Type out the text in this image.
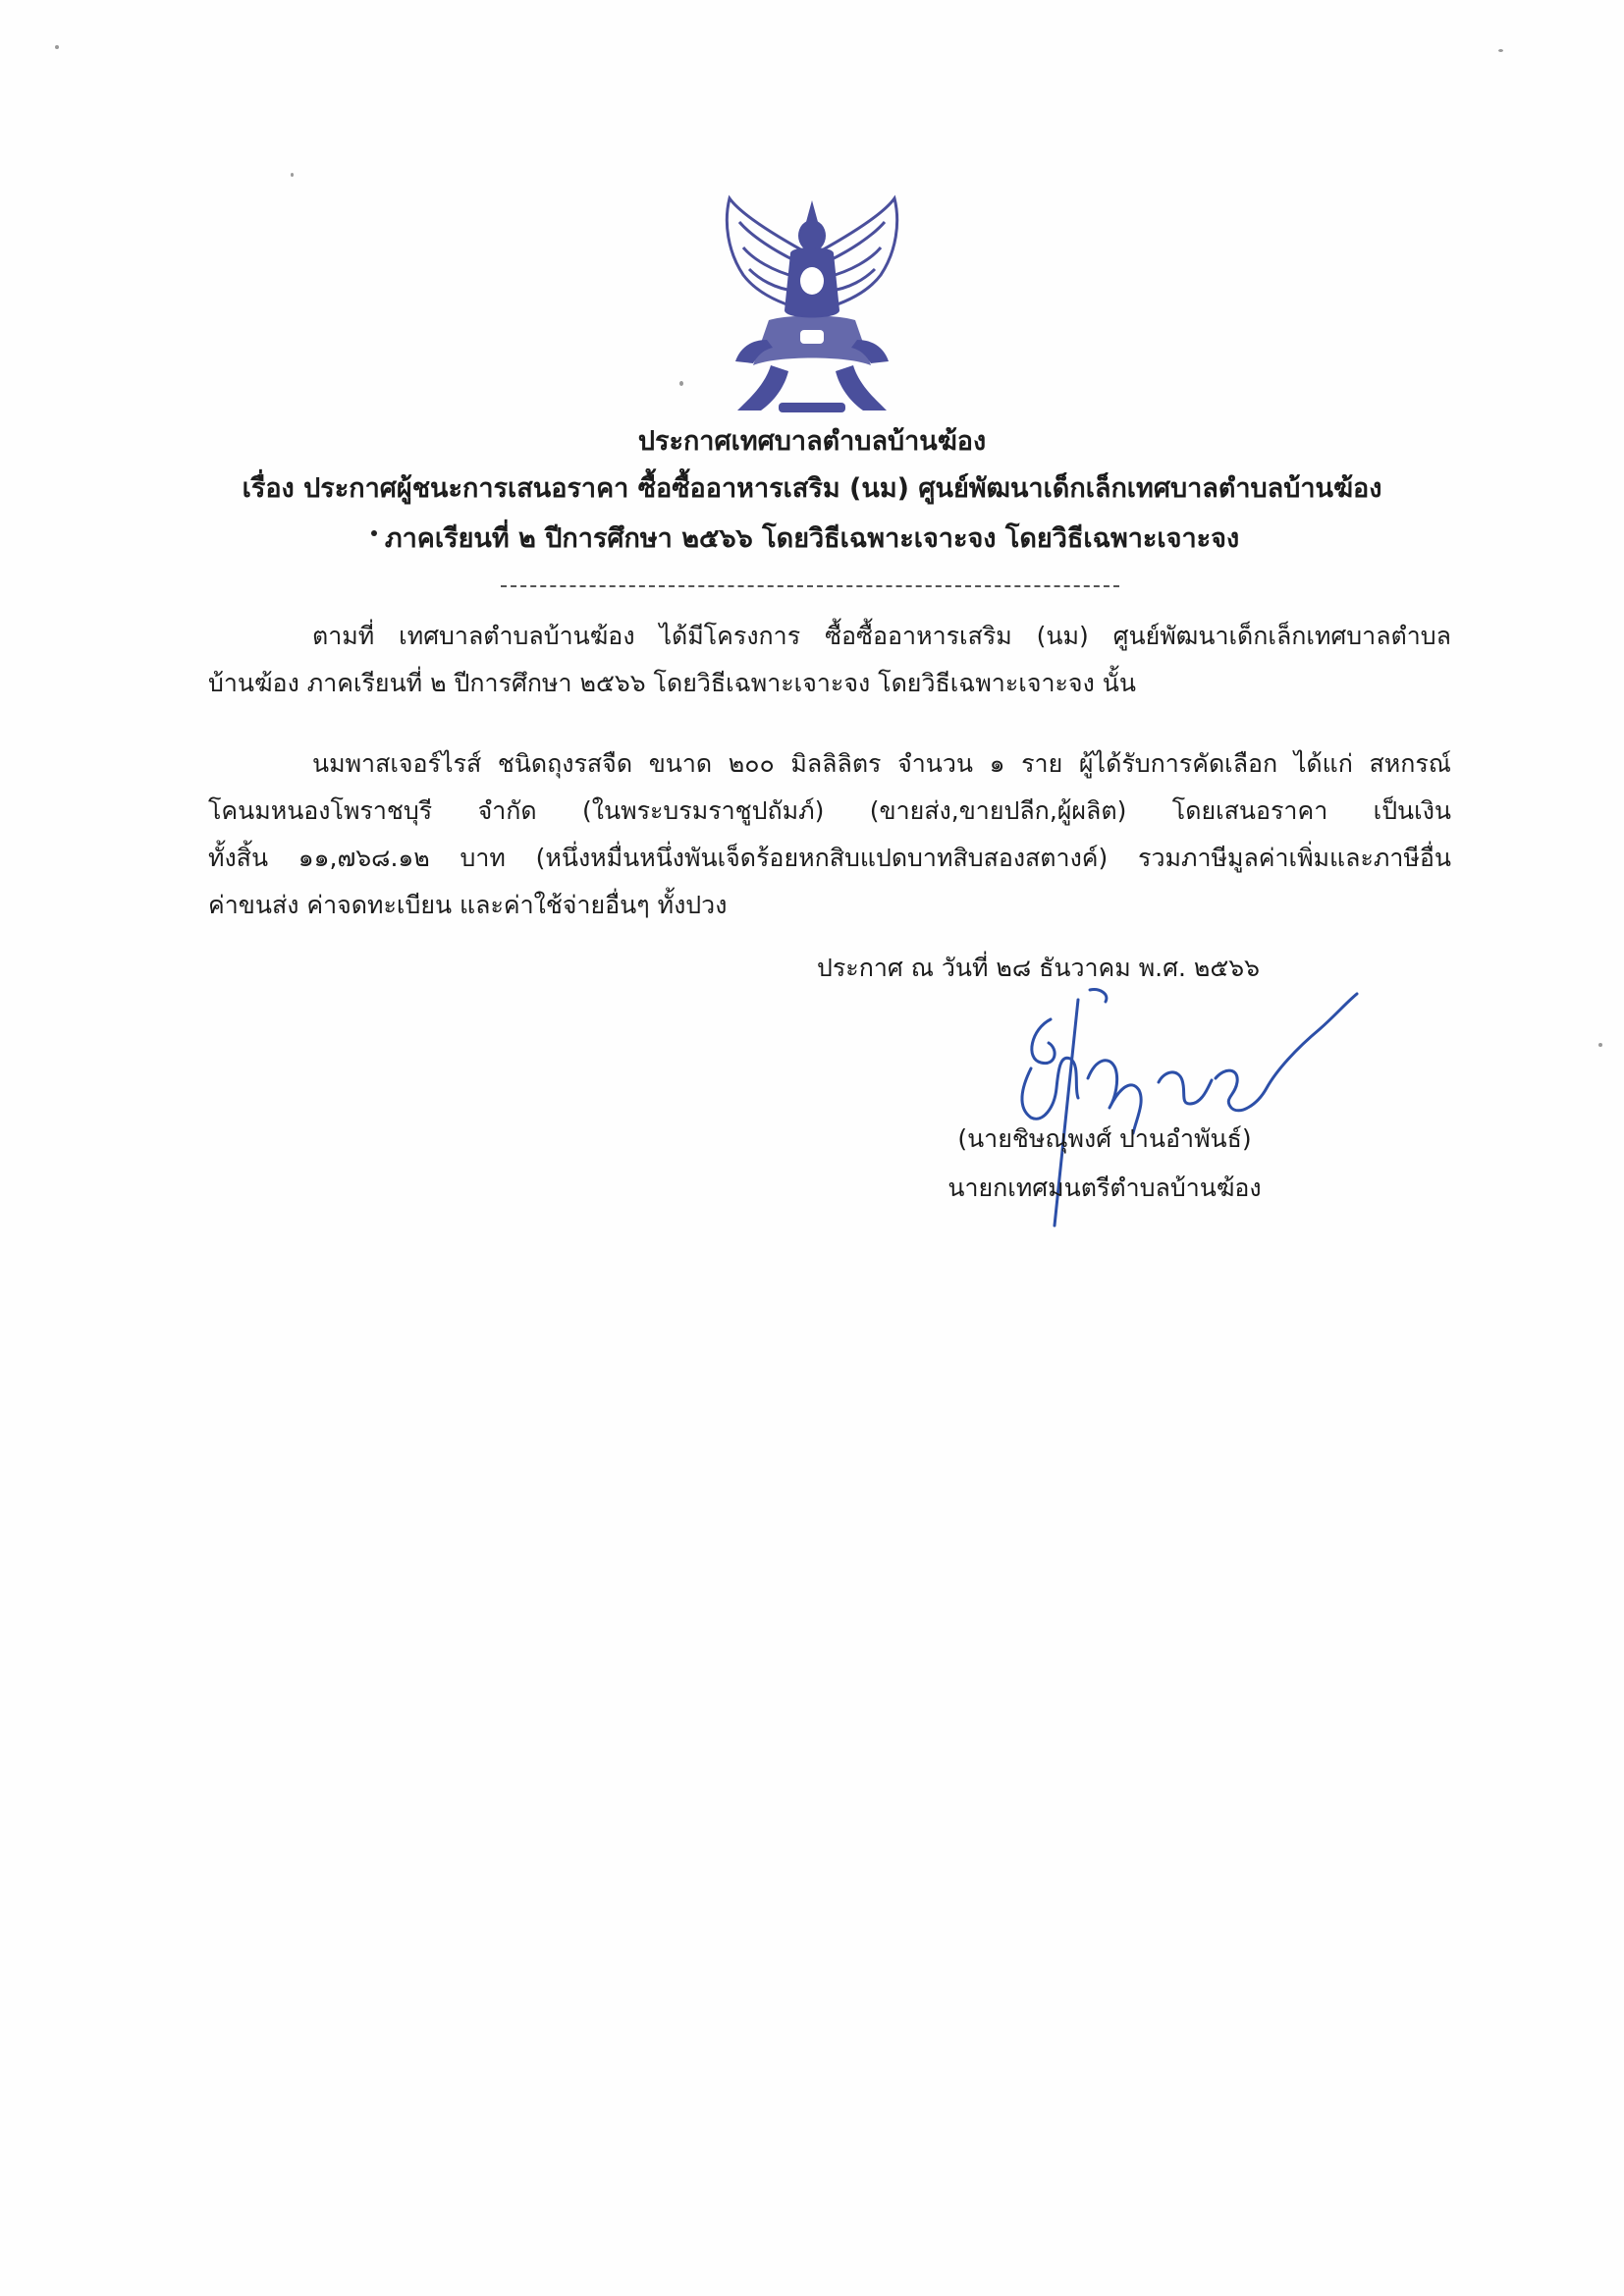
ประกาศเทศบาลตำบลบ้านฆ้อง
เรื่อง ประกาศผู้ชนะการเสนอราคา ซื้อซื้ออาหารเสริม (นม) ศูนย์พัฒนาเด็กเล็กเทศบาลตำบลบ้านฆ้อง
ภาคเรียนที่ ๒ ปีการศึกษา ๒๕๖๖ โดยวิธีเฉพาะเจาะจง โดยวิธีเฉพาะเจาะจง
ตามที่ เทศบาลตำบลบ้านฆ้อง ได้มีโครงการ ซื้อซื้ออาหารเสริม (นม) ศูนย์พัฒนาเด็กเล็กเทศบาลตำบล
บ้านฆ้อง ภาคเรียนที่ ๒ ปีการศึกษา ๒๕๖๖ โดยวิธีเฉพาะเจาะจง โดยวิธีเฉพาะเจาะจง นั้น
นมพาสเจอร์ไรส์ ชนิดถุงรสจืด ขนาด ๒๐๐ มิลลิลิตร จำนวน ๑ ราย ผู้ได้รับการคัดเลือก ได้แก่ สหกรณ์
โคนมหนองโพราชบุรี จำกัด (ในพระบรมราชูปถัมภ์) (ขายส่ง,ขายปลีก,ผู้ผลิต) โดยเสนอราคา เป็นเงิน
ทั้งสิ้น ๑๑,๗๖๘.๑๒ บาท (หนึ่งหมื่นหนึ่งพันเจ็ดร้อยหกสิบแปดบาทสิบสองสตางค์) รวมภาษีมูลค่าเพิ่มและภาษีอื่น
ค่าขนส่ง ค่าจดทะเบียน และค่าใช้จ่ายอื่นๆ ทั้งปวง
ประกาศ ณ วันที่ ๒๘ ธันวาคม พ.ศ. ๒๕๖๖
(นายชิษณุพงศ์ ปานอำพันธ์)
นายกเทศมนตรีตำบลบ้านฆ้อง
